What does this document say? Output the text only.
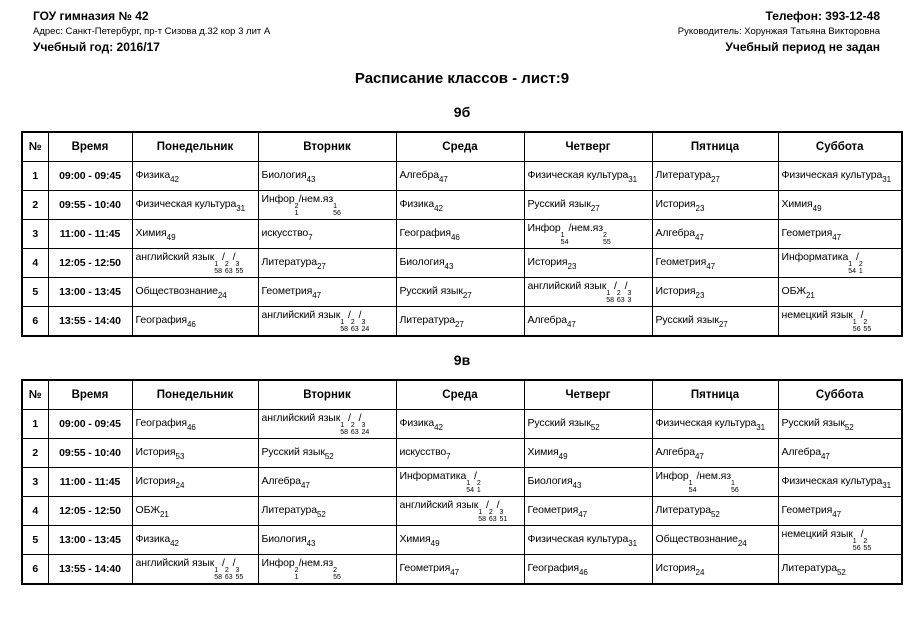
ГОУ гимназия № 42
Адрес: Санкт-Петербург, пр-т Сизова д.32 кор 3 лит А
Учебный год: 2016/17
Телефон: 393-12-48
Руководитель: Хорунжая Татьяна Викторовна
Учебный период не задан
Расписание классов - лист:9
9б
№	Время	Понедельник	Вторник	Среда	Четверг	Пятница	Суббота
1	09:00 - 09:45	Физика$_{42}$	Биология$_{43}$	Алгебра$_{47}$	Физическая культура$_{31}$	Литература$_{27}$	Физическая культура$_{31}$
2	09:55 - 10:40	Физическая культура$_{31}$	Инфор
2
1
/нем.яз
1
56
	Физика$_{42}$	Русский язык$_{27}$	История$_{23}$	Химия$_{49}$
3	11:00 - 11:45	Химия$_{49}$	искусство$_7$	География$_{46}$	Инфор
1
54
/нем.яз
2
55
	Алгебра$_{47}$	Геометрия$_{47}$
4	12:05 - 12:50	английский язык
1
58
/
2
63
/
3
55
	Литература$_{27}$	Биология$_{43}$	История$_{23}$	Геометрия$_{47}$	Информатика
1
54
/
2
1

5	13:00 - 13:45	Обществознание$_{24}$	Геометрия$_{47}$	Русский язык$_{27}$	английский язык
1
58
/
2
63
/
3
3
	История$_{23}$	$ОБЖ_{21}$
6	13:55 - 14:40	География$_{46}$	английский язык
1
58
/
2
63
/
3
24
	Литература$_{27}$	Алгебра$_{47}$	Русский язык$_{27}$	немецкий язык
1
56
/
2
55
9в
№	Время	Понедельник	Вторник	Среда	Четверг	Пятница	Суббота
1	09:00 - 09:45	География$_{46}$	английский язык
1
58
/
2
63
/
3
24
	Физика$_{42}$	Русский язык$_{52}$	Физическая культура$_{31}$	Русский язык$_{52}$
2	09:55 - 10:40	История$_{53}$	Русский язык$_{52}$	искусство$_7$	Химия$_{49}$	Алгебра$_{47}$	Алгебра$_{47}$
3	11:00 - 11:45	История$_{24}$	Алгебра$_{47}$	Информатика
1
54
/
2
1
	Биология$_{43}$	Инфор
1
54
/нем.яз
1
56
	Физическая культура$_{31}$
4	12:05 - 12:50	$ОБЖ_{21}$	Литература$_{52}$	английский язык
1
58
/
2
63
/
3
51
	Геометрия$_{47}$	Литература$_{52}$	Геометрия$_{47}$
5	13:00 - 13:45	Физика$_{42}$	Биология$_{43}$	Химия$_{49}$	Физическая культура$_{31}$	Обществознание$_{24}$	немецкий язык
1
56
/
2
55

6	13:55 - 14:40	английский язык
1
58
/
2
63
/
3
55
	Инфор
2
1
/нем.яз
2
55
	Геометрия$_{47}$	География$_{46}$	История$_{24}$	Литература$_{52}$
